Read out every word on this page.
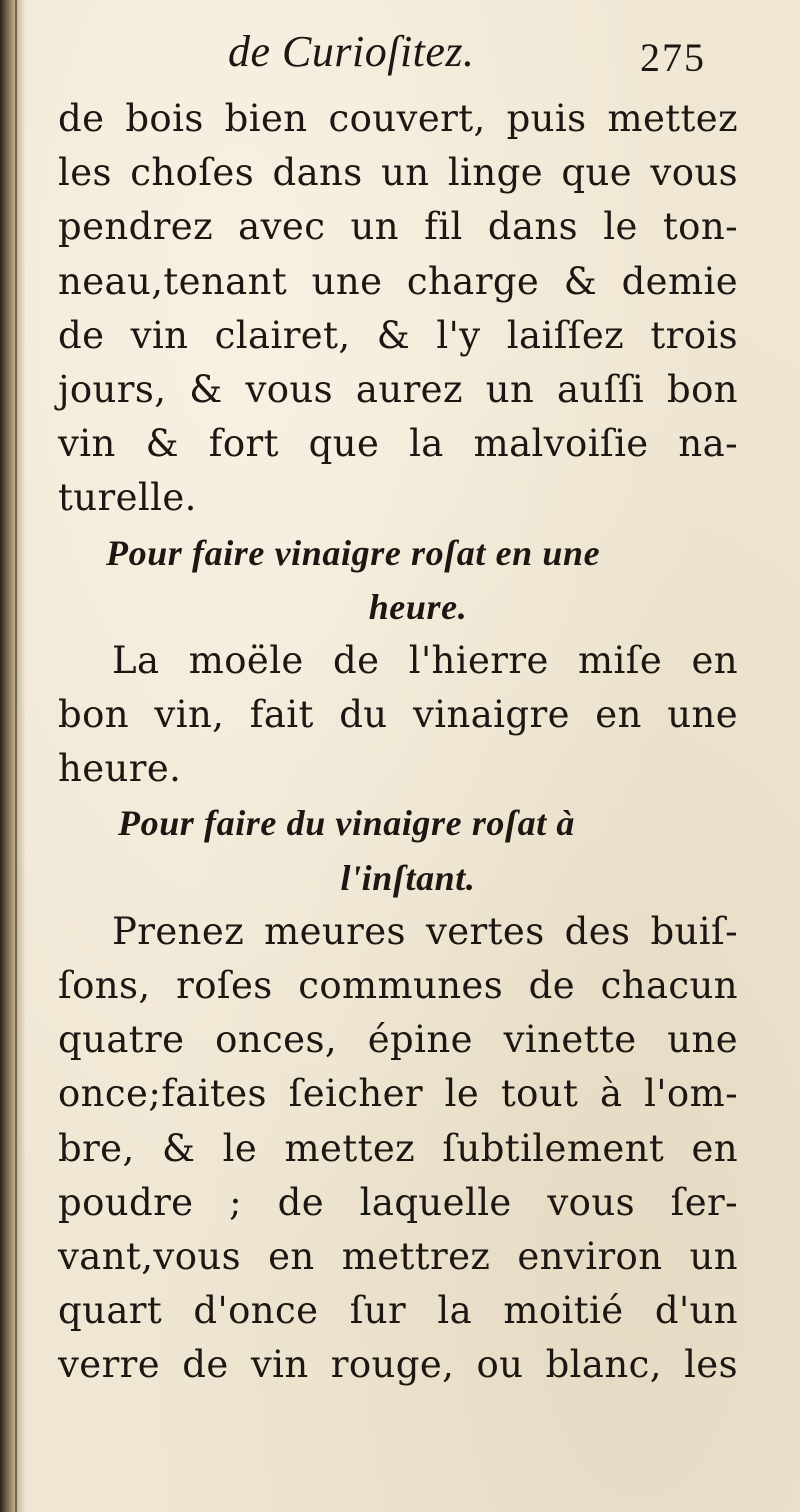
de Curioſitez.	275
de bois bien couvert, puis mettez
les choſes dans un linge que vous
pendrez avec un fil dans le ton-
neau,tenant une charge & demie
de vin clairet, & l'y laiſſez trois
jours, & vous aurez un auſſi bon
vin & fort que la malvoiſie na-
turelle.
Pour faire vinaigre roſat en une
heure.
La moële de l'hierre miſe en
bon vin, fait du vinaigre en une
heure.
Pour faire du vinaigre roſat à
l'inſtant.
Prenez meures vertes des buiſ-
ſons, roſes communes de chacun
quatre onces, épine vinette une
once;faites ſeicher le tout à l'om-
bre, & le mettez ſubtilement en
poudre ; de laquelle vous ſer-
vant,vous en mettrez environ un
quart d'once ſur la moitié d'un
verre de vin rouge, ou blanc, les
